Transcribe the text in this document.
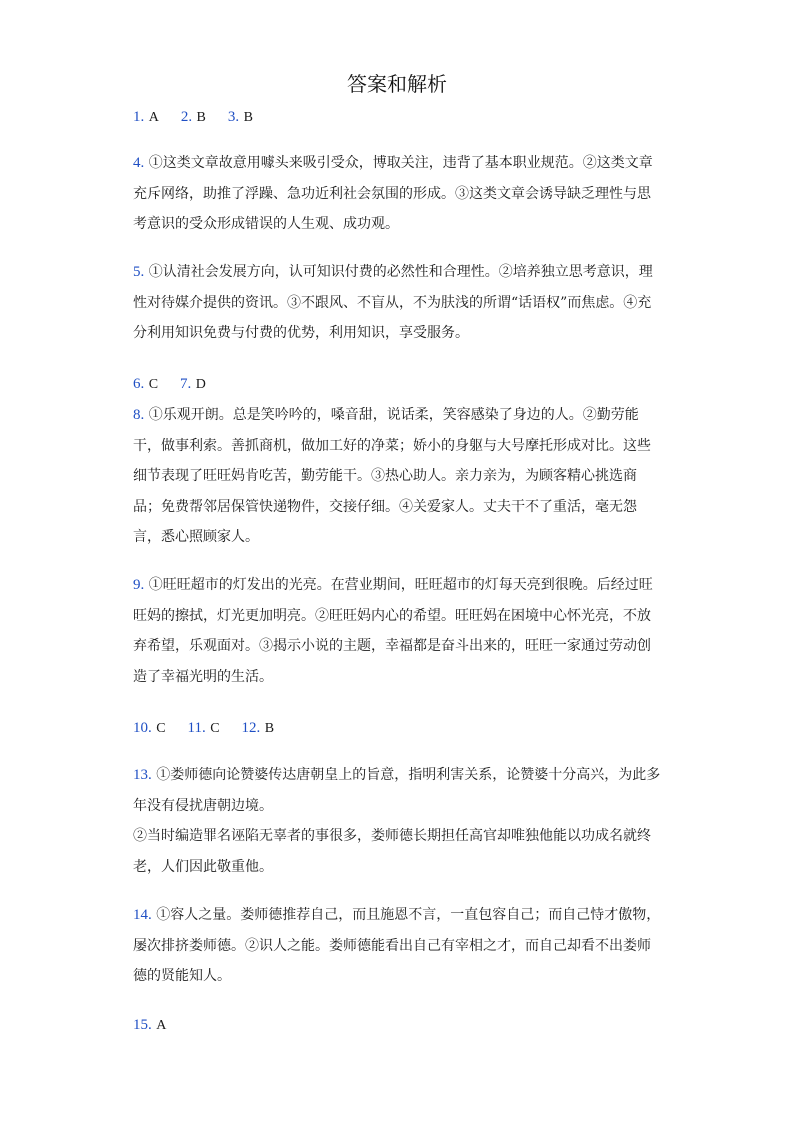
答案和解析
1. A 2. B 3. B

4. ①这类文章故意用噱头来吸引受众，博取关注，违背了基本职业规范。②这类文章充斥网络，助推了浮躁、急功近利社会氛围的形成。③这类文章会诱导缺乏理性与思考意识的受众形成错误的人生观、成功观。

5. ①认清社会发展方向，认可知识付费的必然性和合理性。②培养独立思考意识，理性对待媒介提供的资讯。③不跟风、不盲从，不为肤浅的所谓“话语权”而焦虑。④充分利用知识免费与付费的优势，利用知识，享受服务。

6. C 7. D

8. ①乐观开朗。总是笑吟吟的，嗓音甜，说话柔，笑容感染了身边的人。②勤劳能干，做事利索。善抓商机，做加工好的净菜；娇小的身躯与大号摩托形成对比。这些细节表现了旺旺妈肯吃苦，勤劳能干。③热心助人。亲力亲为，为顾客精心挑选商品；免费帮邻居保管快递物件，交接仔细。④关爱家人。丈夫干不了重活，毫无怨言，悉心照顾家人。

9. ①旺旺超市的灯发出的光亮。在营业期间，旺旺超市的灯每天亮到很晚。后经过旺旺妈的擦拭，灯光更加明亮。②旺旺妈内心的希望。旺旺妈在困境中心怀光亮，不放弃希望，乐观面对。③揭示小说的主题，幸福都是奋斗出来的，旺旺一家通过劳动创造了幸福光明的生活。

10. C 11. C 12. B
13. ①娄师德向论赞婆传达唐朝皇上的旨意，指明利害关系，论赞婆十分高兴，为此多年没有侵扰唐朝边境。
②当时编造罪名诬陷无辜者的事很多，娄师德长期担任高官却唯独他能以功成名就终老，人们因此敬重他。

14. ①容人之量。娄师德推荐自己，而且施恩不言，一直包容自己；而自己恃才傲物，屡次排挤娄师德。②识人之能。娄师德能看出自己有宰相之才，而自己却看不出娄师德的贤能知人。

15. A
